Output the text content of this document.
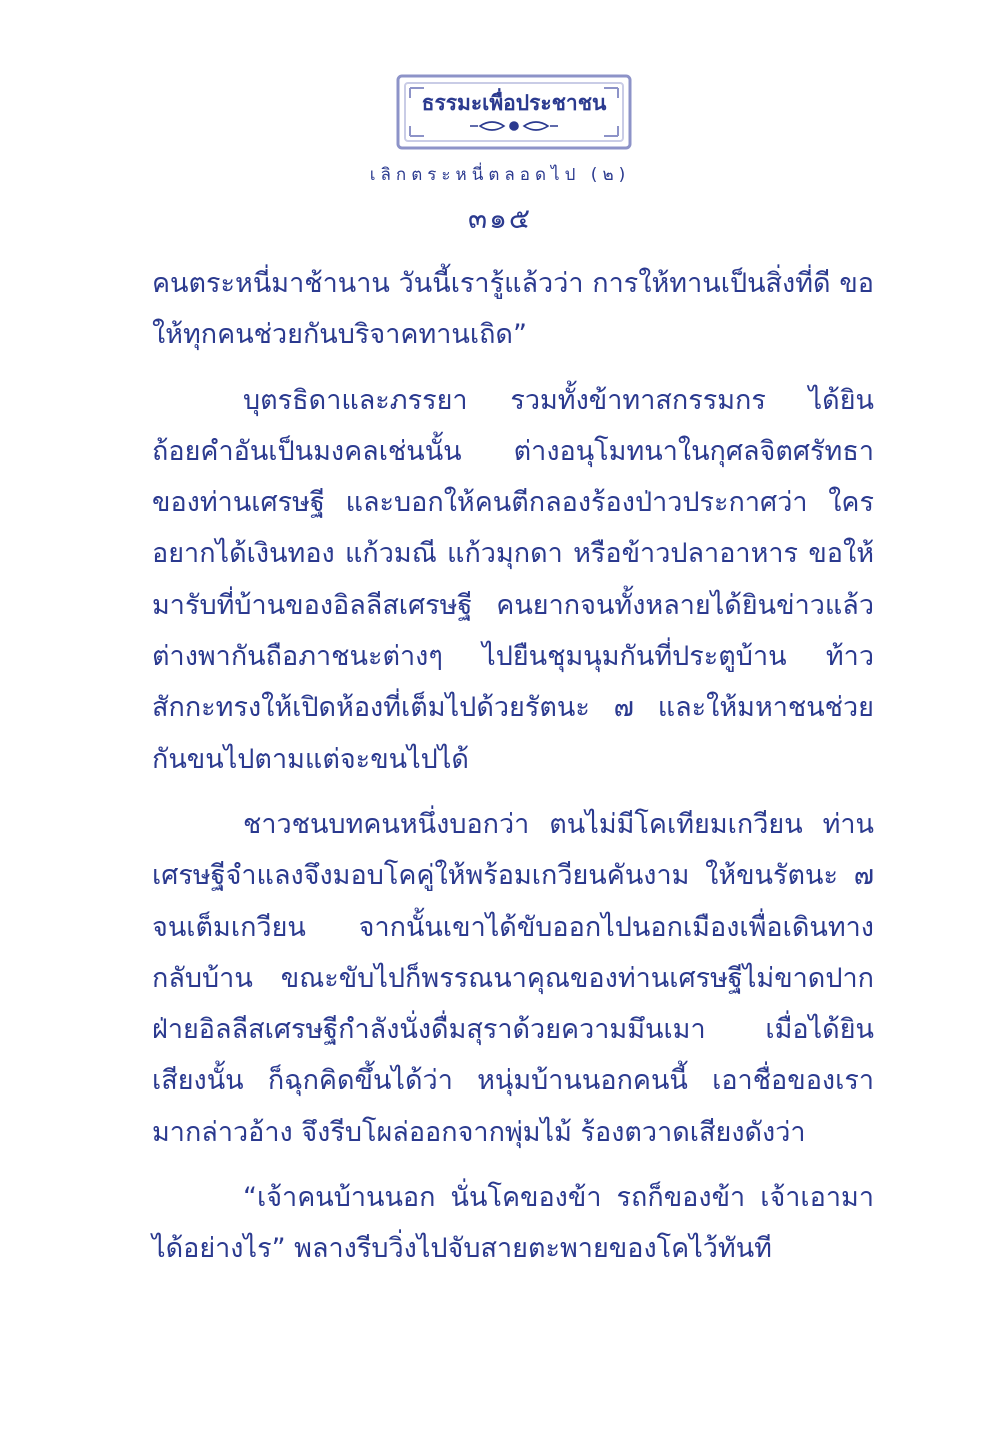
ธรรมะเพื่อประชาชน
เลิกตระหนี่ตลอดไป (๒)
๓๑๕

คนตระหนี่มาช้านาน วันนี้เรารู้แล้วว่า การให้ทานเป็นสิ่งที่ดี ขอให้ทุกคนช่วยกันบริจาคทานเถิด”

บุตรธิดาและภรรยา รวมทั้งข้าทาสกรรมกร ได้ยินถ้อยคำอันเป็นมงคลเช่นนั้น ต่างอนุโมทนาในกุศลจิตศรัทธาของท่านเศรษฐี และบอกให้คนตีกลองร้องป่าวประกาศว่า ใครอยากได้เงินทอง แก้วมณี แก้วมุกดา หรือข้าวปลาอาหาร ขอให้มารับที่บ้านของอิลลีสเศรษฐี คนยากจนทั้งหลายได้ยินข่าวแล้ว ต่างพากันถือภาชนะต่างๆ ไปยืนชุมนุมกันที่ประตูบ้าน ท้าวสักกะทรงให้เปิดห้องที่เต็มไปด้วยรัตนะ ๗ และให้มหาชนช่วยกันขนไปตามแต่จะขนไปได้

ชาวชนบทคนหนึ่งบอกว่า ตนไม่มีโคเทียมเกวียน ท่านเศรษฐีจำแลงจึงมอบโคคู่ให้พร้อมเกวียนคันงาม ให้ขนรัตนะ ๗ จนเต็มเกวียน จากนั้นเขาได้ขับออกไปนอกเมืองเพื่อเดินทางกลับบ้าน ขณะขับไปก็พรรณนาคุณของท่านเศรษฐีไม่ขาดปาก ฝ่ายอิลลีสเศรษฐีกำลังนั่งดื่มสุราด้วยความมึนเมา เมื่อได้ยินเสียงนั้น ก็ฉุกคิดขึ้นได้ว่า หนุ่มบ้านนอกคนนี้ เอาชื่อของเรามากล่าวอ้าง จึงรีบโผล่ออกจากพุ่มไม้ ร้องตวาดเสียงดังว่า

“เจ้าคนบ้านนอก นั่นโคของข้า รถก็ของข้า เจ้าเอามาได้อย่างไร” พลางรีบวิ่งไปจับสายตะพายของโคไว้ทันที
